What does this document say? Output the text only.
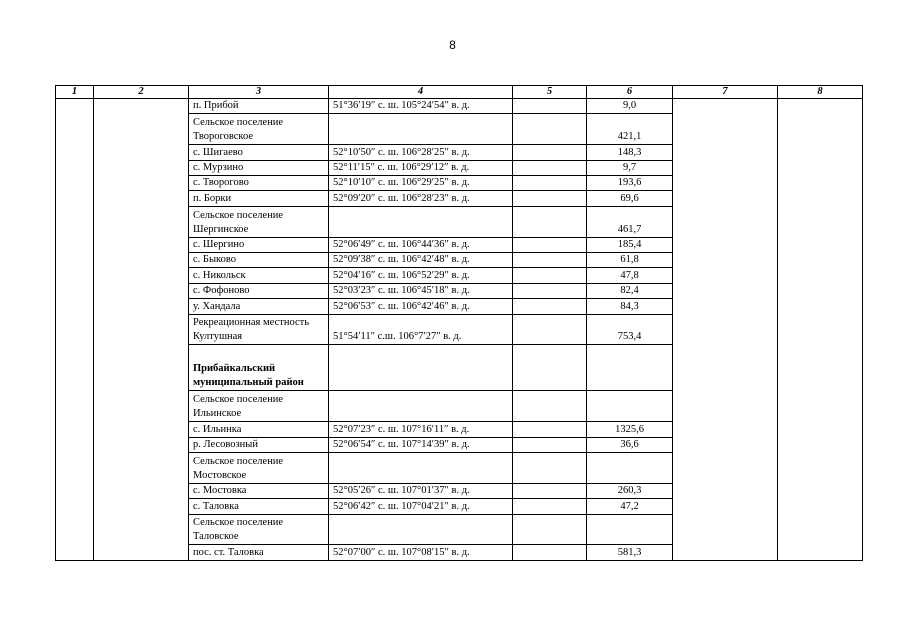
8
1	2	3	4	5	6	7	8
		п. Прибой	51°36′19″ с. ш. 105°24′54″ в. д.		9,0		
		Сельское поселение Твороговское			421,1		
		с. Шигаево	52°10′50″ с. ш. 106°28′25″ в. д.		148,3		
		с. Мурзино	52°11′15″ с. ш. 106°29′12″ в. д.		9,7		
		с. Творогово	52°10′10″ с. ш. 106°29′25″ в. д.		193,6		
		п. Борки	52°09′20″ с. ш. 106°28′23″ в. д.		69,6		
		Сельское поселение Шергинское			461,7		
		с. Шергино	52°06′49″ с. ш. 106°44′36″ в. д.		185,4		
		с. Быково	52°09′38″ с. ш. 106°42′48″ в. д.		61,8		
		с. Никольск	52°04′16″ с. ш. 106°52′29″ в. д.		47,8		
		с. Фофоново	52°03′23″ с. ш. 106°45′18″ в. д.		82,4		
		у. Хандала	52°06′53″ с. ш. 106°42′46″ в. д.		84,3		
		Рекреационная местность Култушная	51°54′11″ с.ш. 106°7′27″ в. д.		753,4		
		Прибайкальский муниципальный район					
		Сельское поселение Ильинское					
		с. Ильинка	52°07′23″ с. ш. 107°16′11″ в. д.		1325,6		
		р. Лесовозный	52°06′54″ с. ш. 107°14′39″ в. д.		36,6		
		Сельское поселение Мостовское					
		с. Мостовка	52°05′26″ с. ш. 107°01′37″ в. д.		260,3		
		с. Таловка	52°06′42″ с. ш. 107°04′21″ в. д.		47,2		
		Сельское поселение Таловское					
		пос. ст. Таловка	52°07′00″ с. ш. 107°08′15″ в. д.		581,3		
